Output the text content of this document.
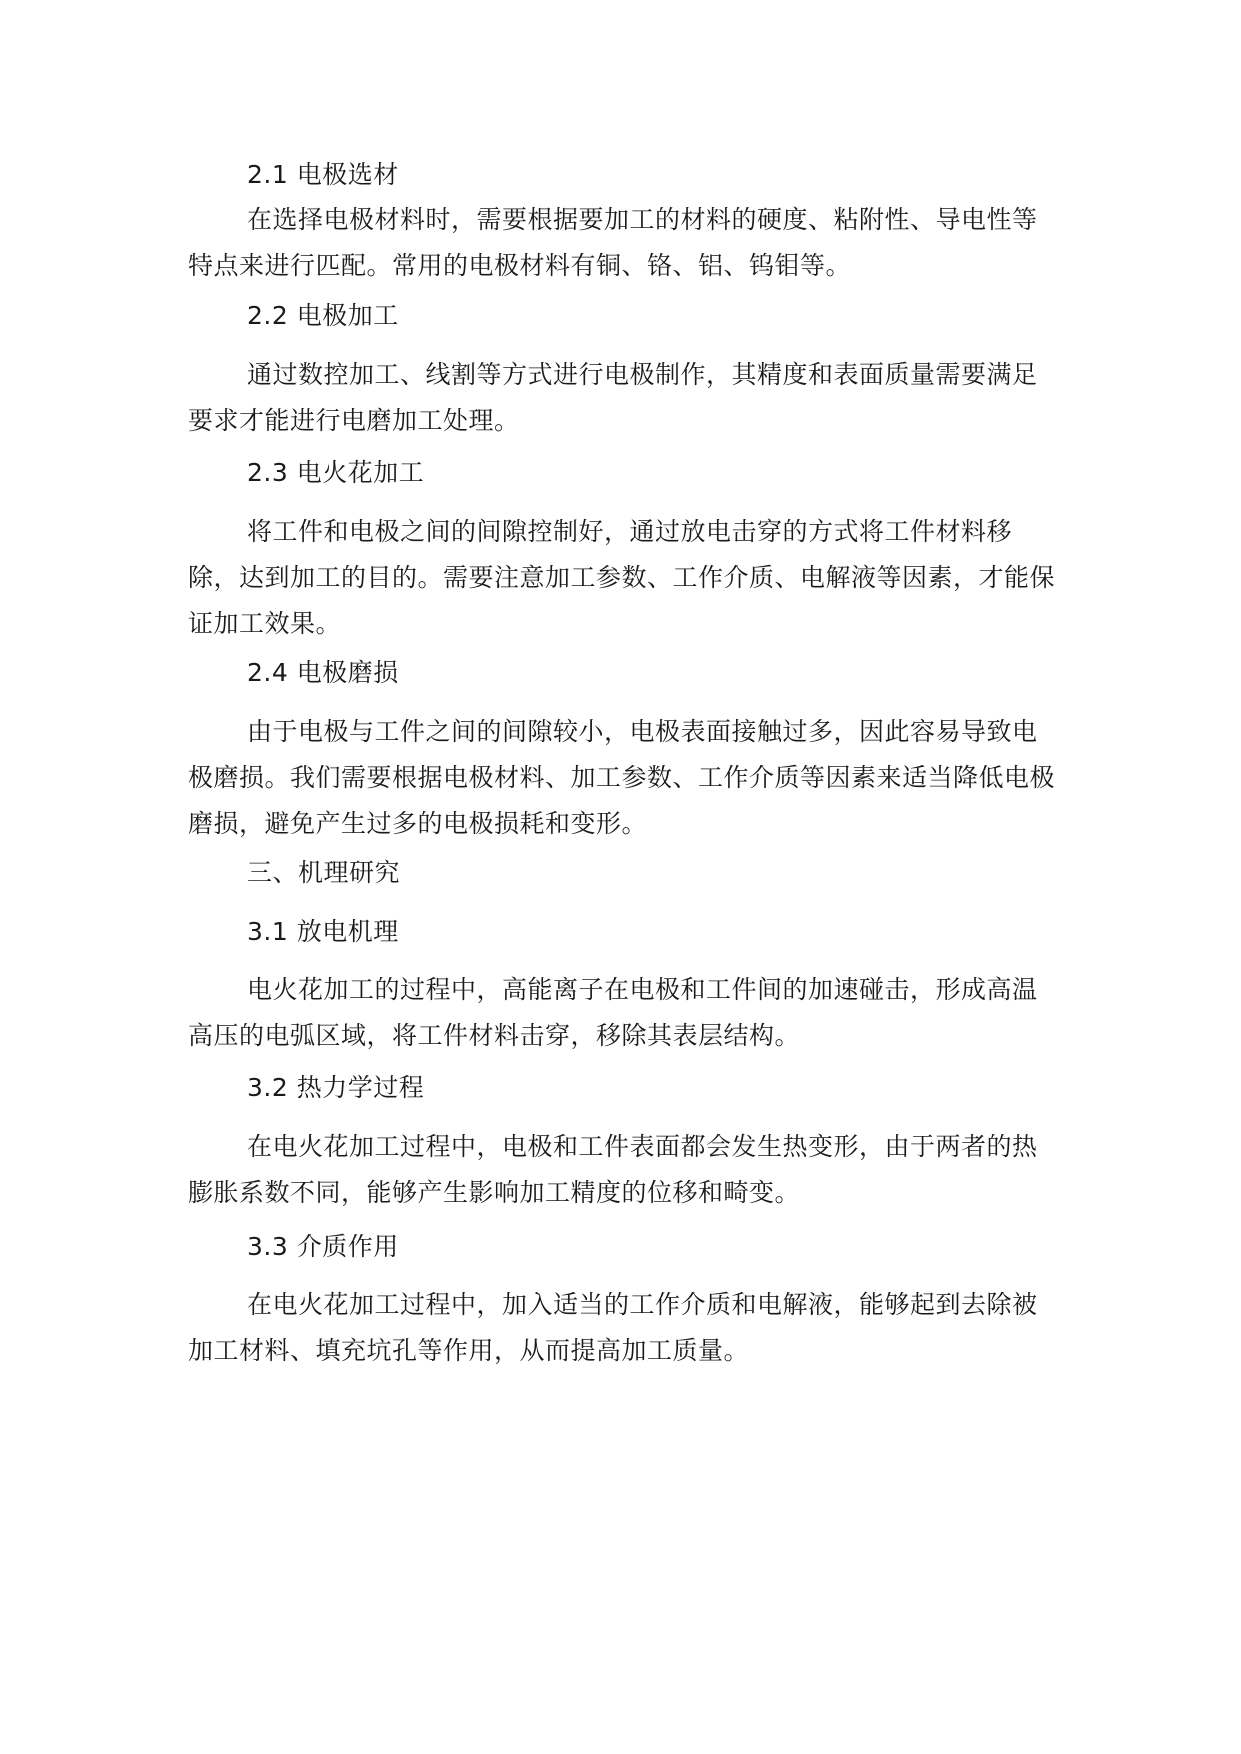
2.1 电极选材

在选择电极材料时，需要根据要加工的材料的硬度、粘附性、导电性等特点来进行匹配。常用的电极材料有铜、铬、铝、钨钼等。

2.2 电极加工

通过数控加工、线割等方式进行电极制作，其精度和表面质量需要满足要求才能进行电磨加工处理。

2.3 电火花加工

将工件和电极之间的间隙控制好，通过放电击穿的方式将工件材料移除，达到加工的目的。需要注意加工参数、工作介质、电解液等因素，才能保证加工效果。

2.4 电极磨损

由于电极与工件之间的间隙较小，电极表面接触过多，因此容易导致电极磨损。我们需要根据电极材料、加工参数、工作介质等因素来适当降低电极磨损，避免产生过多的电极损耗和变形。

三、机理研究

3.1 放电机理

电火花加工的过程中，高能离子在电极和工件间的加速碰击，形成高温高压的电弧区域，将工件材料击穿，移除其表层结构。

3.2 热力学过程

在电火花加工过程中，电极和工件表面都会发生热变形，由于两者的热膨胀系数不同，能够产生影响加工精度的位移和畸变。

3.3 介质作用

在电火花加工过程中，加入适当的工作介质和电解液，能够起到去除被加工材料、填充坑孔等作用，从而提高加工质量。
